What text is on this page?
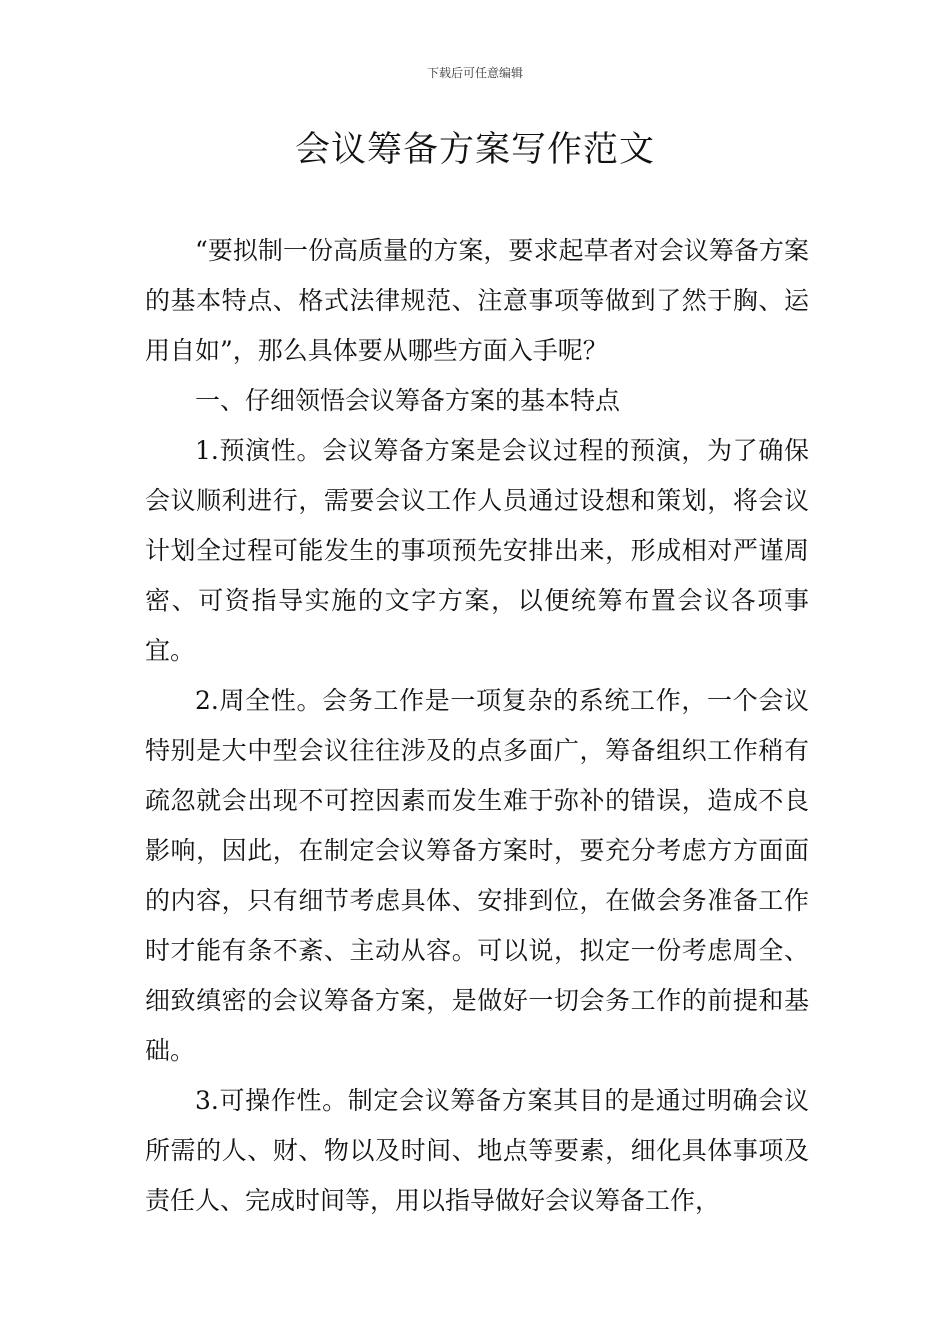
下载后可任意编辑
会议筹备方案写作范文

“要拟制一份高质量的方案，要求起草者对会议筹备方案的基本特点、格式法律规范、注意事项等做到了然于胸、运用自如”，那么具体要从哪些方面入手呢？

一、仔细领悟会议筹备方案的基本特点

1.预演性。会议筹备方案是会议过程的预演，为了确保会议顺利进行，需要会议工作人员通过设想和策划，将会议计划全过程可能发生的事项预先安排出来，形成相对严谨周密、可资指导实施的文字方案，以便统筹布置会议各项事宜。

2.周全性。会务工作是一项复杂的系统工作，一个会议特别是大中型会议往往涉及的点多面广，筹备组织工作稍有疏忽就会出现不可控因素而发生难于弥补的错误，造成不良影响，因此，在制定会议筹备方案时，要充分考虑方方面面的内容，只有细节考虑具体、安排到位，在做会务准备工作时才能有条不紊、主动从容。可以说，拟定一份考虑周全、细致缜密的会议筹备方案，是做好一切会务工作的前提和基础。

3.可操作性。制定会议筹备方案其目的是通过明确会议所需的人、财、物以及时间、地点等要素，细化具体事项及责任人、完成时间等，用以指导做好会议筹备工作，
